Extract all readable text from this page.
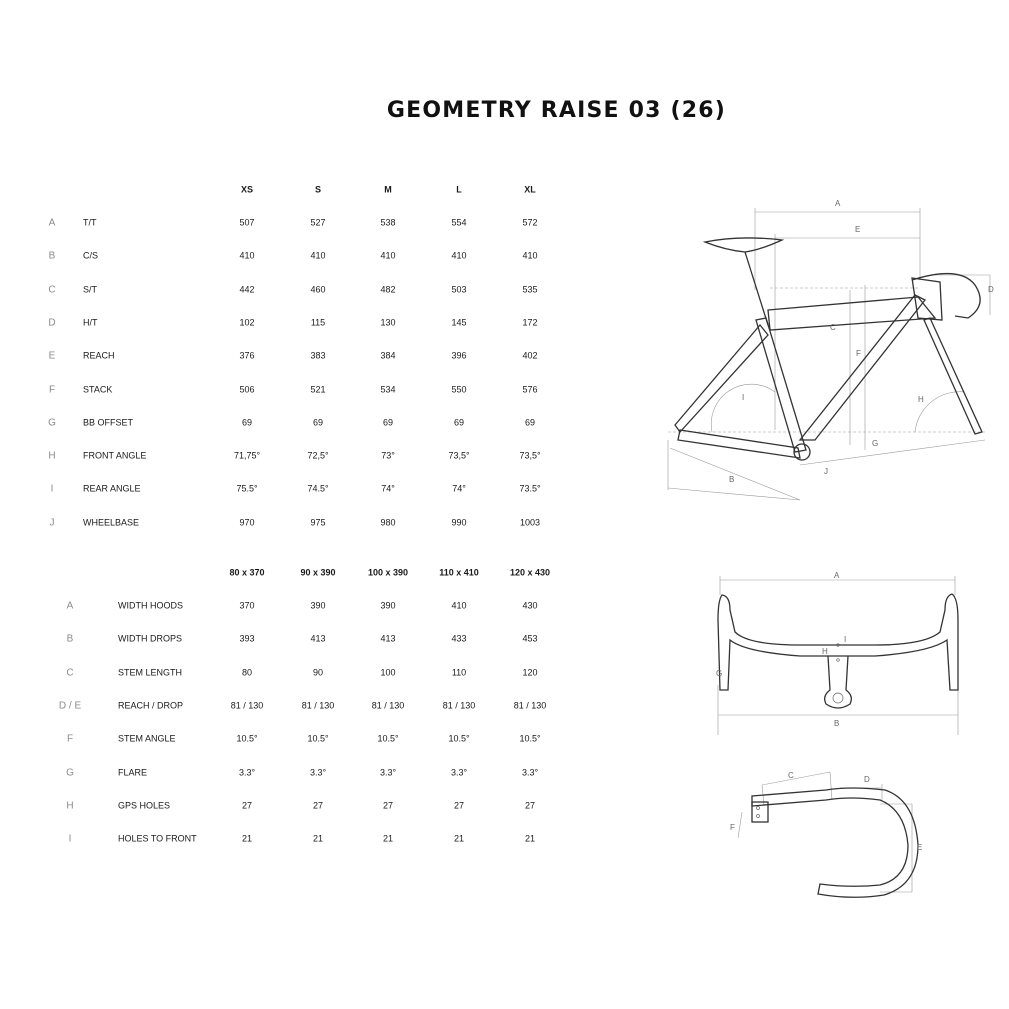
GEOMETRY RAISE 03 (26)
XS	S	M	L	XL
A	T/T	507	527	538	554	572
B	C/S	410	410	410	410	410
C	S/T	442	460	482	503	535
D	H/T	102	115	130	145	172
E	REACH	376	383	384	396	402
F	STACK	506	521	534	550	576
G	BB OFFSET	69	69	69	69	69
H	FRONT ANGLE	71,75°	72,5°	73°	73,5°	73,5°
I	REAR ANGLE	75.5°	74.5°	74°	74°	73.5°
J	WHEELBASE	970	975	980	990	1003
80 x 370	90 x 390	100 x 390	110 x 410	120 x 430
A	WIDTH HOODS	370	390	390	410	430
B	WIDTH DROPS	393	413	413	433	453
C	STEM LENGTH	80	90	100	110	120
D / E	REACH / DROP	81 / 130	81 / 130	81 / 130	81 / 130	81 / 130
F	STEM ANGLE	10.5°	10.5°	10.5°	10.5°	10.5°
G	FLARE	3.3°	3.3°	3.3°	3.3°	3.3°
H	GPS HOLES	27	27	27	27	27
I	HOLES TO FRONT	21	21	21	21	21
A
E
D
C
F
I	H
G
B
J
A
B
G
H
I
C	D
E
F
